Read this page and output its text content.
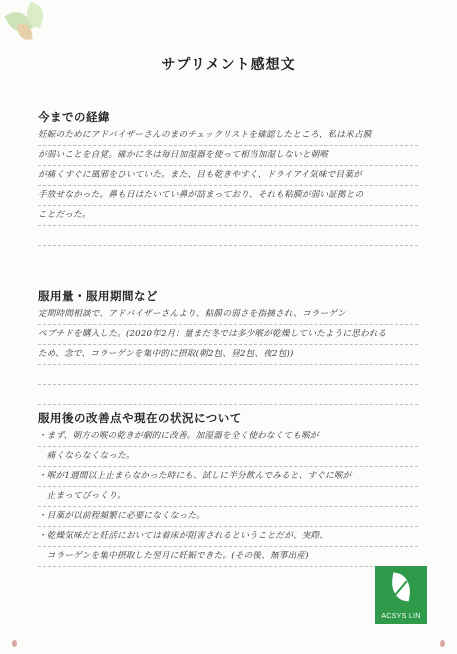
サプリメント感想文
今までの経緯
妊娠のためにアドバイザーさんのまのチェックリストを確認したところ、私は米占膜
が弱いことを自覚。確かに冬は毎日加湿器を使って相当加湿しないと朝喉
が痛くすぐに風邪をひいていた。また、目も乾きやすく、ドライアイ気味で目薬が
手放せなかった。鼻も日はたいてい鼻が詰まっており、それも粘膜が弱い証拠との
ことだった。
服用量・服用期間など
定期時間相談で、アドバイザーさんより、粘膜の弱さを指摘され、コラーゲン
ペプチドを購入した。(2020年2月：量まだ冬では多少喉が乾燥していたように思われる
ため、念で、コラーゲンを集中的に摂取(朝2包、昼2包、夜2包))
服用後の改善点や現在の状況について
・まず、朝方の喉の乾きが劇的に改善。加湿器を全く使わなくても喉が
　痛くならなくなった。
・喉が1週間以上止まらなかった時にも、試しに半分飲んでみると、すぐに喉が
　止まってびっくり。
・目薬が以前程頻繁に必要になくなった。
・乾燥気味だと妊活においては着床が阻害されるということだが、実際、
　コラーゲンを集中摂取した翌月に妊娠できた。(その後、無事出産)
ACSYS LIN
